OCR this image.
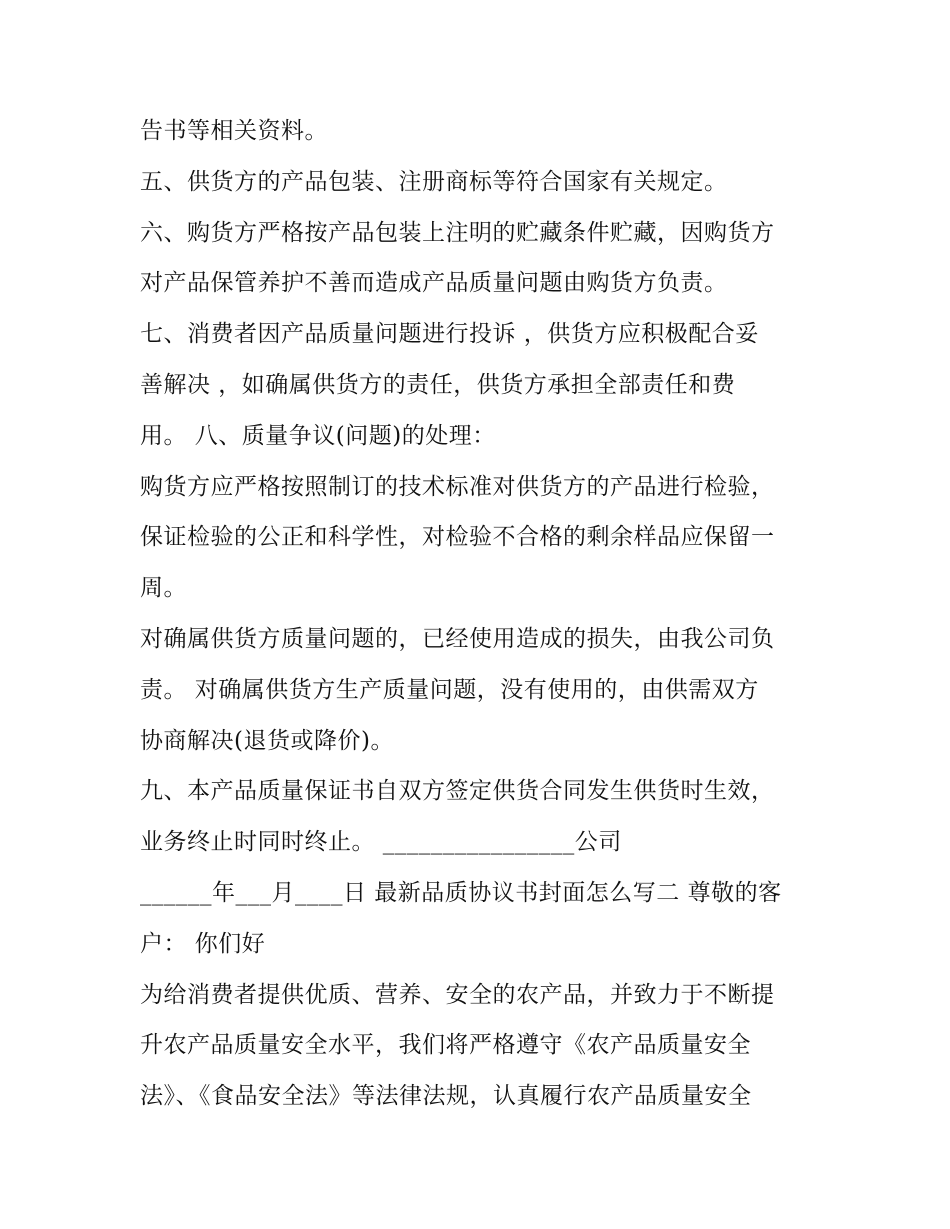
告书等相关资料。
五、供货方的产品包装、注册商标等符合国家有关规定。
六、购货方严格按产品包装上注明的贮藏条件贮藏，因购货方
对产品保管养护不善而造成产品质量问题由购货方负责。
七、消费者因产品质量问题进行投诉 ，供货方应积极配合妥
善解决 ，如确属供货方的责任，供货方承担全部责任和费
用。 八、质量争议(问题)的处理：
购货方应严格按照制订的技术标准对供货方的产品进行检验，
保证检验的公正和科学性，对检验不合格的剩余样品应保留一
周。
对确属供货方质量问题的，已经使用造成的损失，由我公司负
责。 对确属供货方生产质量问题，没有使用的，由供需双方
协商解决(退货或降价)。
九、本产品质量保证书自双方签定供货合同发生供货时生效，
业务终止时同时终止。 ________________公司
______年___月____日 最新品质协议书封面怎么写二 尊敬的客
户： 你们好
为给消费者提供优质、营养、安全的农产品，并致力于不断提
升农产品质量安全水平，我们将严格遵守《农产品质量安全
法》、《食品安全法》等法律法规，认真履行农产品质量安全
